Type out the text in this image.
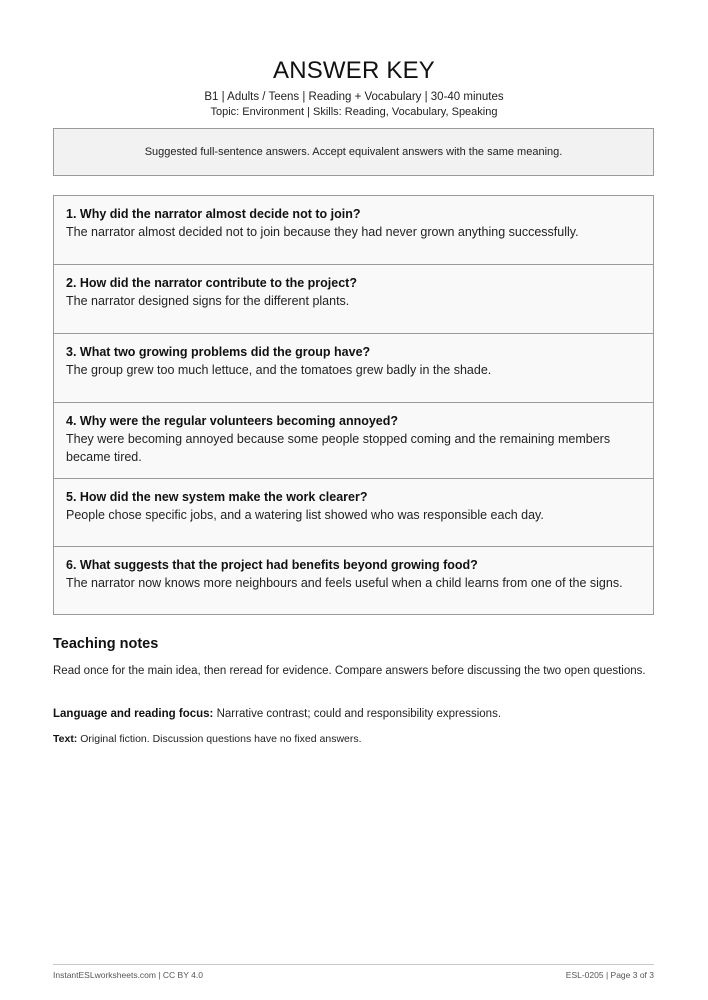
ANSWER KEY
B1 | Adults / Teens | Reading + Vocabulary | 30-40 minutes
Topic: Environment | Skills: Reading, Vocabulary, Speaking
Suggested full-sentence answers. Accept equivalent answers with the same meaning.
1. Why did the narrator almost decide not to join?
The narrator almost decided not to join because they had never grown anything successfully.
2. How did the narrator contribute to the project?
The narrator designed signs for the different plants.
3. What two growing problems did the group have?
The group grew too much lettuce, and the tomatoes grew badly in the shade.
4. Why were the regular volunteers becoming annoyed?
They were becoming annoyed because some people stopped coming and the remaining members became tired.
5. How did the new system make the work clearer?
People chose specific jobs, and a watering list showed who was responsible each day.
6. What suggests that the project had benefits beyond growing food?
The narrator now knows more neighbours and feels useful when a child learns from one of the signs.
Teaching notes

Read once for the main idea, then reread for evidence. Compare answers before discussing the two open questions.

Language and reading focus: Narrative contrast; could and responsibility expressions.

Text: Original fiction. Discussion questions have no fixed answers.

InstantESLworksheets.com | CC BY 4.0	ESL-0205 | Page 3 of 3
